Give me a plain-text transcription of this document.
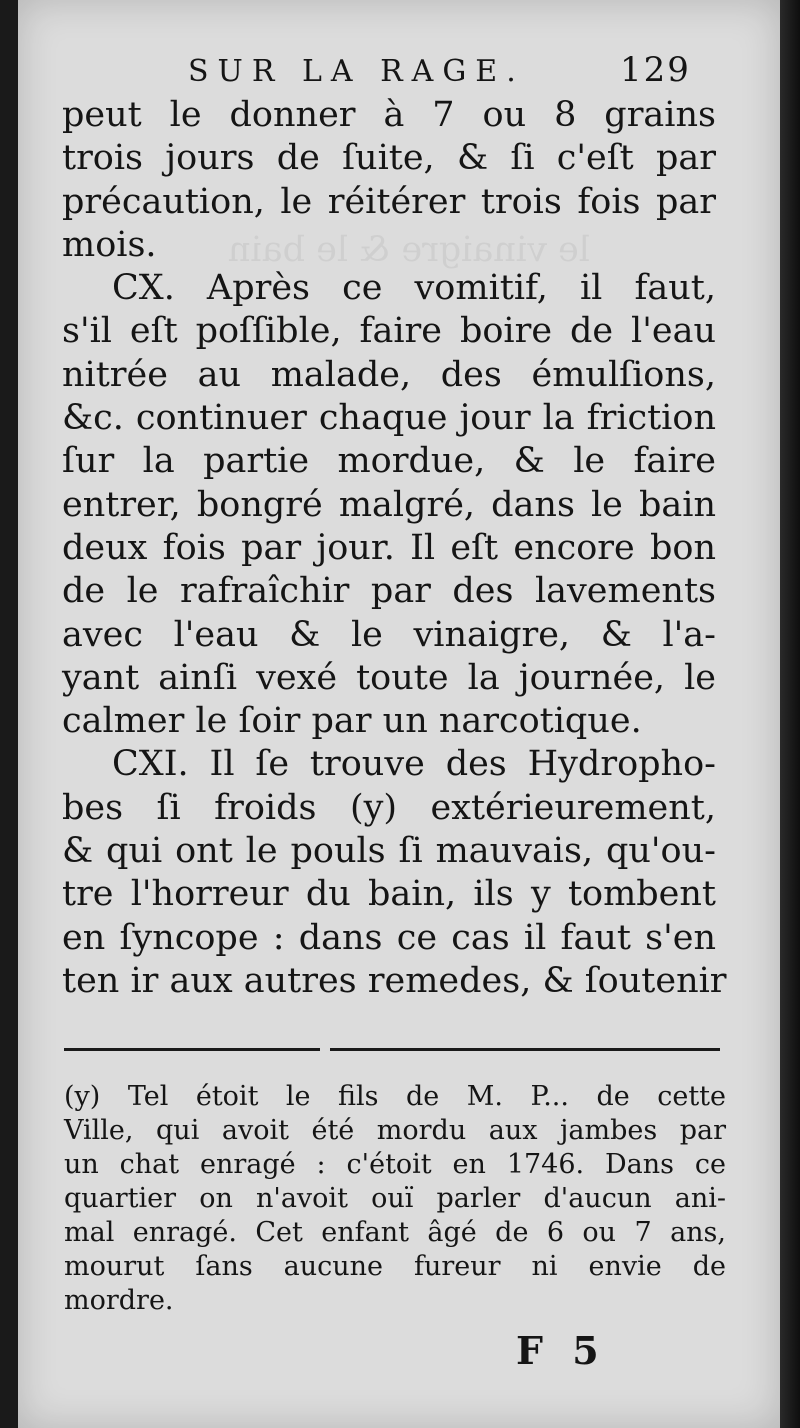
le vinaigre & le bain
SUR LA RAGE.	129
peut le donner à 7 ou 8 grains
trois jours de ſuite, & ſi c'eſt par
précaution, le réitérer trois fois par
mois.
CX. Après ce vomitif, il faut,
s'il eſt poſſible, faire boire de l'eau
nitrée au malade, des émulſions,
&c. continuer chaque jour la friction
ſur la partie mordue, & le faire
entrer, bongré malgré, dans le bain
deux fois par jour. Il eſt encore bon
de le rafraîchir par des lavements
avec l'eau & le vinaigre, & l'a-
yant ainſi vexé toute la journée, le
calmer le ſoir par un narcotique.
CXI. Il ſe trouve des Hydropho-
bes ſi froids (y) extérieurement,
& qui ont le pouls ſi mauvais, qu'ou-
tre l'horreur du bain, ils y tombent
en ſyncope : dans ce cas il faut s'en
ten ir aux autres remedes, & ſoutenir
(y) Tel étoit le fils de M. P... de cette
Ville, qui avoit été mordu aux jambes par
un chat enragé : c'étoit en 1746. Dans ce
quartier on n'avoit ouï parler d'aucun ani-
mal enragé. Cet enfant âgé de 6 ou 7 ans,
mourut ſans aucune fureur ni envie de
mordre.
F 5
